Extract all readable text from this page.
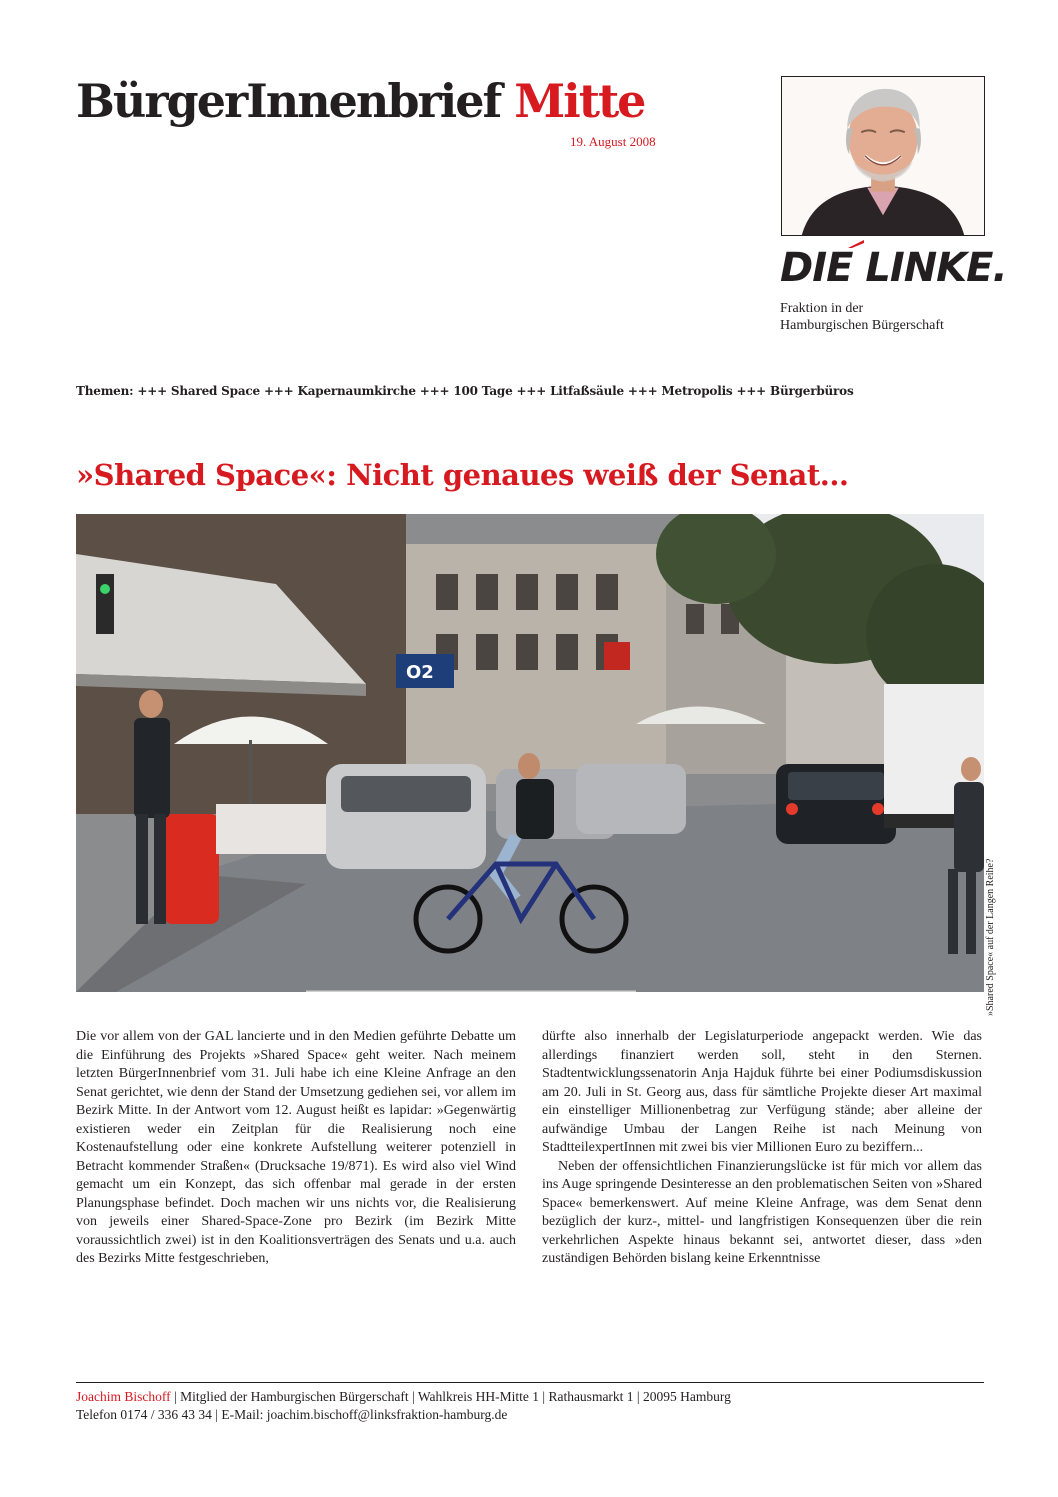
BürgerInnenbrief Mitte
19. August 2008
DIE LINKE.
Fraktion in der
Hamburgischen Bürgerschaft
Themen: +++ Shared Space +++ Kapernaumkirche +++ 100 Tage +++ Litfaßsäule +++ Metropolis +++ Bürgerbüros
»Shared Space«: Nicht genaues weiß der Senat...
O2
»Shared Space« auf der Langen Reihe?

Die vor allem von der GAL lancierte und in den Medien geführte Debatte um die Einführung des Projekts »Shared Space« geht weiter. Nach meinem letzten BürgerInnenbrief vom 31. Juli habe ich eine Kleine Anfrage an den Senat gerichtet, wie denn der Stand der Umsetzung gediehen sei, vor allem im Bezirk Mitte. In der Antwort vom 12. August heißt es lapidar: »Gegenwärtig existieren weder ein Zeitplan für die Realisierung noch eine Kostenaufstellung oder eine konkrete Aufstellung weiterer potenziell in Betracht kommender Straßen« (Drucksache 19/871). Es wird also viel Wind gemacht um ein Konzept, das sich offenbar mal gerade in der ersten Planungsphase befindet. Doch machen wir uns nichts vor, die Realisierung von jeweils einer Shared-Space-Zone pro Bezirk (im Bezirk Mitte voraussichtlich zwei) ist in den Koalitionsverträgen des Senats und u.a. auch des Bezirks Mitte festgeschrieben,

dürfte also innerhalb der Legislaturperiode angepackt werden. Wie das allerdings finanziert werden soll, steht in den Sternen. Stadtentwicklungssenatorin Anja Hajduk führte bei einer Podiumsdiskussion am 20. Juli in St. Georg aus, dass für sämtliche Projekte dieser Art maximal ein einstelliger Millionenbetrag zur Verfügung stände; aber alleine der aufwändige Umbau der Langen Reihe ist nach Meinung von StadtteilexpertInnen mit zwei bis vier Millionen Euro zu beziffern...

Neben der offensichtlichen Finanzierungslücke ist für mich vor allem das ins Auge springende Desinteresse an den problematischen Seiten von »Shared Space« bemerkenswert. Auf meine Kleine Anfrage, was dem Senat denn bezüglich der kurz-, mittel- und langfristigen Konsequenzen über die rein verkehrlichen Aspekte hinaus bekannt sei, antwortet dieser, dass »den zuständigen Behörden bislang keine Erkenntnisse

Joachim Bischoff | Mitglied der Hamburgischen Bürgerschaft | Wahlkreis HH-Mitte 1 | Rathausmarkt 1 | 20095 Hamburg
Telefon 0174 / 336 43 34 | E-Mail: joachim.bischoff@linksfraktion-hamburg.de
